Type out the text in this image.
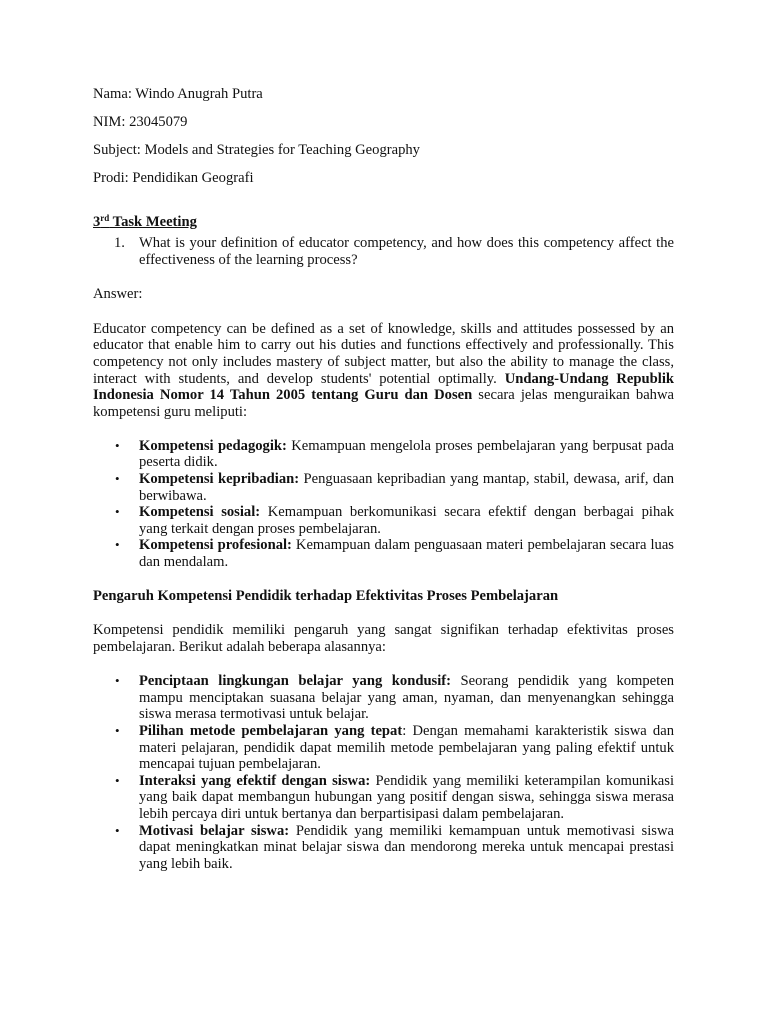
Nama: Windo Anugrah Putra
NIM: 23045079
Subject: Models and Strategies for Teaching Geography
Prodi: Pendidikan Geografi
3rd Task Meeting
1. What is your definition of educator competency, and how does this competency affect the effectiveness of the learning process?
Answer:

Educator competency can be defined as a set of knowledge, skills and attitudes possessed by an educator that enable him to carry out his duties and functions effectively and professionally. This competency not only includes mastery of subject matter, but also the ability to manage the class, interact with students, and develop students' potential optimally. Undang-Undang Republik Indonesia Nomor 14 Tahun 2005 tentang Guru dan Dosen secara jelas menguraikan bahwa kompetensi guru meliputi:

• Kompetensi pedagogik: Kemampuan mengelola proses pembelajaran yang berpusat pada peserta didik.
• Kompetensi kepribadian: Penguasaan kepribadian yang mantap, stabil, dewasa, arif, dan berwibawa.
• Kompetensi sosial: Kemampuan berkomunikasi secara efektif dengan berbagai pihak yang terkait dengan proses pembelajaran.
• Kompetensi profesional: Kemampuan dalam penguasaan materi pembelajaran secara luas dan mendalam.
Pengaruh Kompetensi Pendidik terhadap Efektivitas Proses Pembelajaran

Kompetensi pendidik memiliki pengaruh yang sangat signifikan terhadap efektivitas proses pembelajaran. Berikut adalah beberapa alasannya:

• Penciptaan lingkungan belajar yang kondusif: Seorang pendidik yang kompeten mampu menciptakan suasana belajar yang aman, nyaman, dan menyenangkan sehingga siswa merasa termotivasi untuk belajar.
• Pilihan metode pembelajaran yang tepat: Dengan memahami karakteristik siswa dan materi pelajaran, pendidik dapat memilih metode pembelajaran yang paling efektif untuk mencapai tujuan pembelajaran.
• Interaksi yang efektif dengan siswa: Pendidik yang memiliki keterampilan komunikasi yang baik dapat membangun hubungan yang positif dengan siswa, sehingga siswa merasa lebih percaya diri untuk bertanya dan berpartisipasi dalam pembelajaran.
• Motivasi belajar siswa: Pendidik yang memiliki kemampuan untuk memotivasi siswa dapat meningkatkan minat belajar siswa dan mendorong mereka untuk mencapai prestasi yang lebih baik.
